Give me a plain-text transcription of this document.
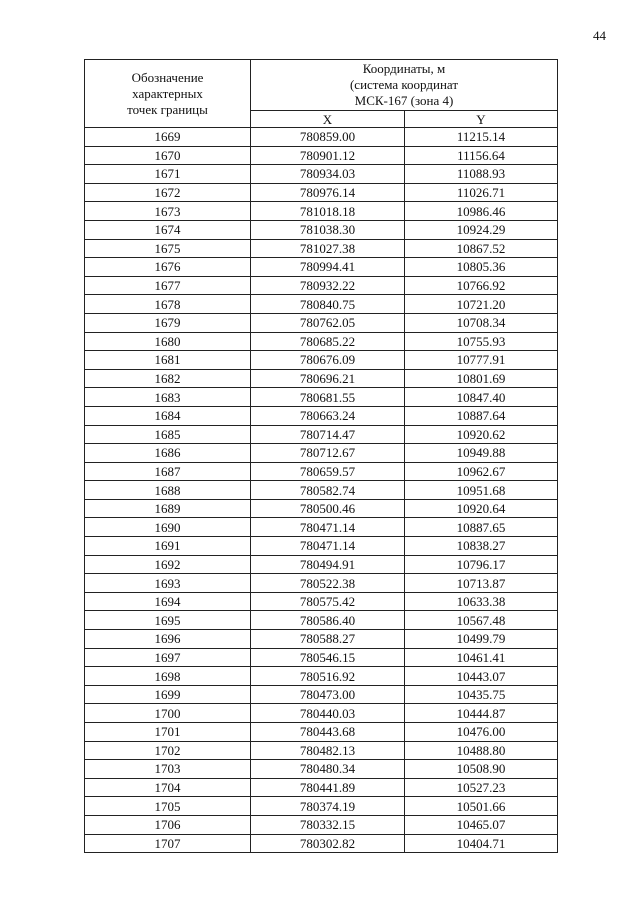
44
Обозначение
характерных
точек границы	Координаты, м
(система координат
МСК-167 (зона 4)	

	X	Y
1669	780859.00	11215.14
1670	780901.12	11156.64
1671	780934.03	11088.93
1672	780976.14	11026.71
1673	781018.18	10986.46
1674	781038.30	10924.29
1675	781027.38	10867.52
1676	780994.41	10805.36
1677	780932.22	10766.92
1678	780840.75	10721.20
1679	780762.05	10708.34
1680	780685.22	10755.93
1681	780676.09	10777.91
1682	780696.21	10801.69
1683	780681.55	10847.40
1684	780663.24	10887.64
1685	780714.47	10920.62
1686	780712.67	10949.88
1687	780659.57	10962.67
1688	780582.74	10951.68
1689	780500.46	10920.64
1690	780471.14	10887.65
1691	780471.14	10838.27
1692	780494.91	10796.17
1693	780522.38	10713.87
1694	780575.42	10633.38
1695	780586.40	10567.48
1696	780588.27	10499.79
1697	780546.15	10461.41
1698	780516.92	10443.07
1699	780473.00	10435.75
1700	780440.03	10444.87
1701	780443.68	10476.00
1702	780482.13	10488.80
1703	780480.34	10508.90
1704	780441.89	10527.23
1705	780374.19	10501.66
1706	780332.15	10465.07
1707	780302.82	10404.71
